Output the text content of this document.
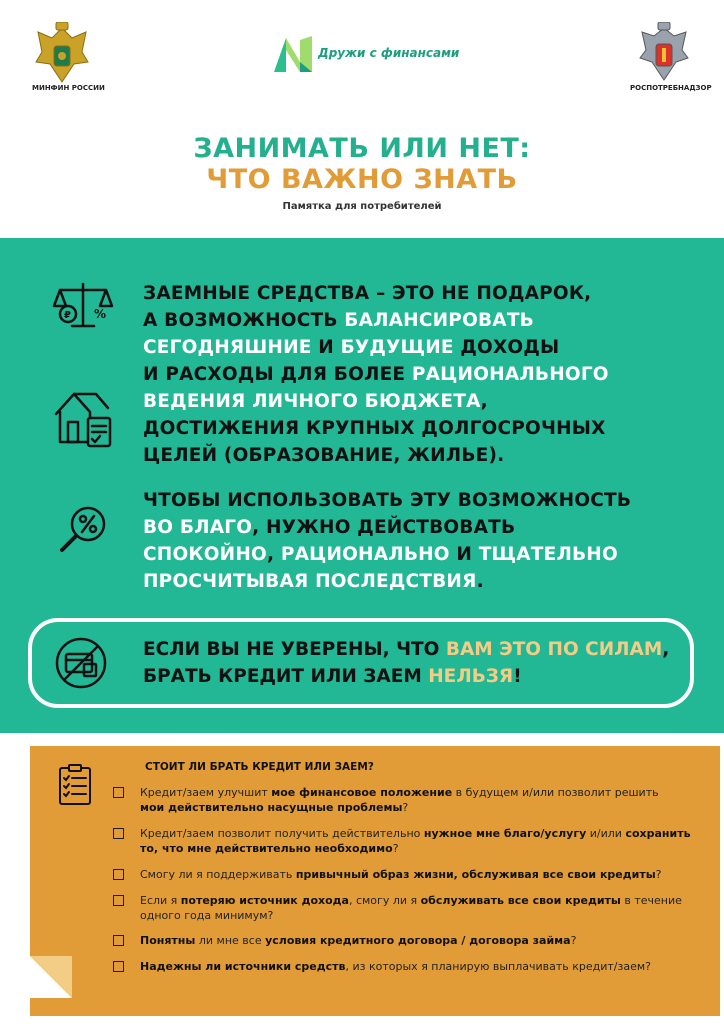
МИНФИН РОССИИ
Дружи с финансами
РОСПОТРЕБНАДЗОР
ЗАНИМАТЬ ИЛИ НЕТ:
ЧТО ВАЖНО ЗНАТЬ
Памятка для потребителей
₽ %
ЗАЕМНЫЕ СРЕДСТВА – ЭТО НЕ ПОДАРОК,
А ВОЗМОЖНОСТЬ БАЛАНСИРОВАТЬ
СЕГОДНЯШНИЕ И БУДУЩИЕ ДОХОДЫ
И РАСХОДЫ ДЛЯ БОЛЕЕ РАЦИОНАЛЬНОГО
ВЕДЕНИЯ ЛИЧНОГО БЮДЖЕТА,
ДОСТИЖЕНИЯ КРУПНЫХ ДОЛГОСРОЧНЫХ
ЦЕЛЕЙ (ОБРАЗОВАНИЕ, ЖИЛЬЕ).
ЧТОБЫ ИСПОЛЬЗОВАТЬ ЭТУ ВОЗМОЖНОСТЬ
ВО БЛАГО, НУЖНО ДЕЙСТВОВАТЬ
СПОКОЙНО, РАЦИОНАЛЬНО И ТЩАТЕЛЬНО
ПРОСЧИТЫВАЯ ПОСЛЕДСТВИЯ.
ЕСЛИ ВЫ НЕ УВЕРЕНЫ, ЧТО ВАМ ЭТО ПО СИЛАМ,
БРАТЬ КРЕДИТ ИЛИ ЗАЕМ НЕЛЬЗЯ!
СТОИТ ЛИ БРАТЬ КРЕДИТ ИЛИ ЗАЕМ?
Кредит/заем улучшит мое финансовое положение в будущем и/или позволит решить
мои действительно насущные проблемы?
Кредит/заем позволит получить действительно нужное мне благо/услугу и/или сохранить
то, что мне действительно необходимо?
Смогу ли я поддерживать привычный образ жизни, обслуживая все свои кредиты?
Если я потеряю источник дохода, смогу ли я обслуживать все свои кредиты в течение
одного года минимум?
Понятны ли мне все условия кредитного договора / договора займа?
Надежны ли источники средств, из которых я планирую выплачивать кредит/заем?
